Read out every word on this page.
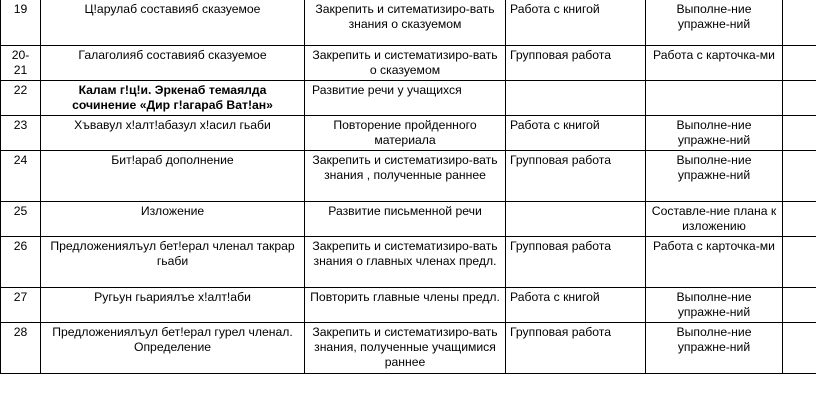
19	Ц!арулаб составияб сказуемое	Закрепить и ситематизиро-вать знания о сказуемом	Работа с книгой	Выполне-ние упражне-ний	
20-21	Галаголияб составияб сказуемое	Закрепить и систематизиро-вать о сказуемом	Групповая работа	Работа с карточка-ми	
22	Калам г!ц!и. Эркенаб темаялда сочинение «Дир г!агараб Ват!ан»	Развитие речи у учащихся			
23	Хъвавул х!алт!абазул х!асил гьаби	Повторение пройденного материала	Работа с книгой	Выполне-ние упражне-ний	
24	Бит!араб дополнение	Закрепить и систематизиро-вать знания , полученные раннее	Групповая работа	Выполне-ние упражне-ний	
25	Изложение	Развитие письменной речи		Составле-ние плана к изложению	
26	Предложениялъул бет!ерал членал такрар гьаби	Закрепить и систематизиро-вать знания о главных членах предл.	Групповая работа	Работа с карточка-ми	
27	Ругьун гьариялъе х!алт!аби	Повторить главные члены предл.	Работа с книгой	Выполне-ние упражне-ний	
28	Предложениялъул бет!ерал гурел членал. Определение	Закрепить и систематизиро-вать знания, полученные учащимися раннее	Групповая работа	Выполне-ние упражне-ний	
